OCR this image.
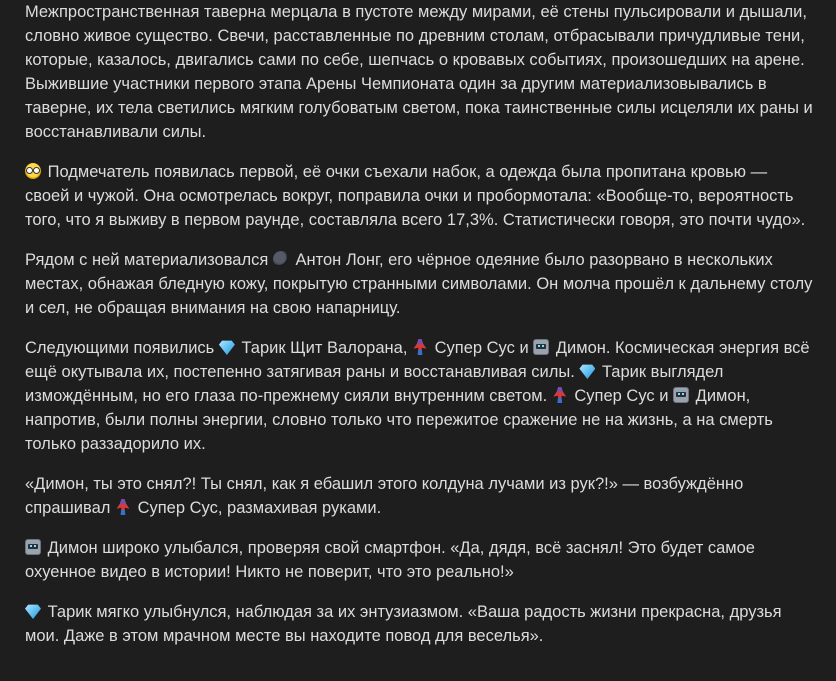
Межпространственная таверна мерцала в пустоте между мирами, её стены пульсировали и дышали, словно живое существо. Свечи, расставленные по древним столам, отбрасывали причудливые тени, которые, казалось, двигались сами по себе, шепчась о кровавых событиях, произошедших на арене. Выжившие участники первого этапа Арены Чемпионата один за другим материализовывались в таверне, их тела светились мягким голубоватым светом, пока таинственные силы исцеляли их раны и восстанавливали силы.

Подмечатель появилась первой, её очки съехали набок, а одежда была пропитана кровью — своей и чужой. Она осмотрелась вокруг, поправила очки и пробормотала: «Вообще-то, вероятность того, что я выживу в первом раунде, составляла всего 17,3%. Статистически говоря, это почти чудо».

Рядом с ней материализовался Антон Лонг, его чёрное одеяние было разорвано в нескольких местах, обнажая бледную кожу, покрытую странными символами. Он молча прошёл к дальнему столу и сел, не обращая внимания на свою напарницу.

Следующими появились Тарик Щит Валорана, Супер Сус и Димон. Космическая энергия всё ещё окутывала их, постепенно затягивая раны и восстанавливая силы. Тарик выглядел измождённым, но его глаза по-прежнему сияли внутренним светом. Супер Сус и Димон, напротив, были полны энергии, словно только что пережитое сражение не на жизнь, а на смерть только раззадорило их.

«Димон, ты это снял?! Ты снял, как я ебашил этого колдуна лучами из рук?!» — возбуждённо спрашивал Супер Сус, размахивая руками.

Димон широко улыбался, проверяя свой смартфон. «Да, дядя, всё заснял! Это будет самое охуенное видео в истории! Никто не поверит, что это реально!»

Тарик мягко улыбнулся, наблюдая за их энтузиазмом. «Ваша радость жизни прекрасна, друзья мои. Даже в этом мрачном месте вы находите повод для веселья».
